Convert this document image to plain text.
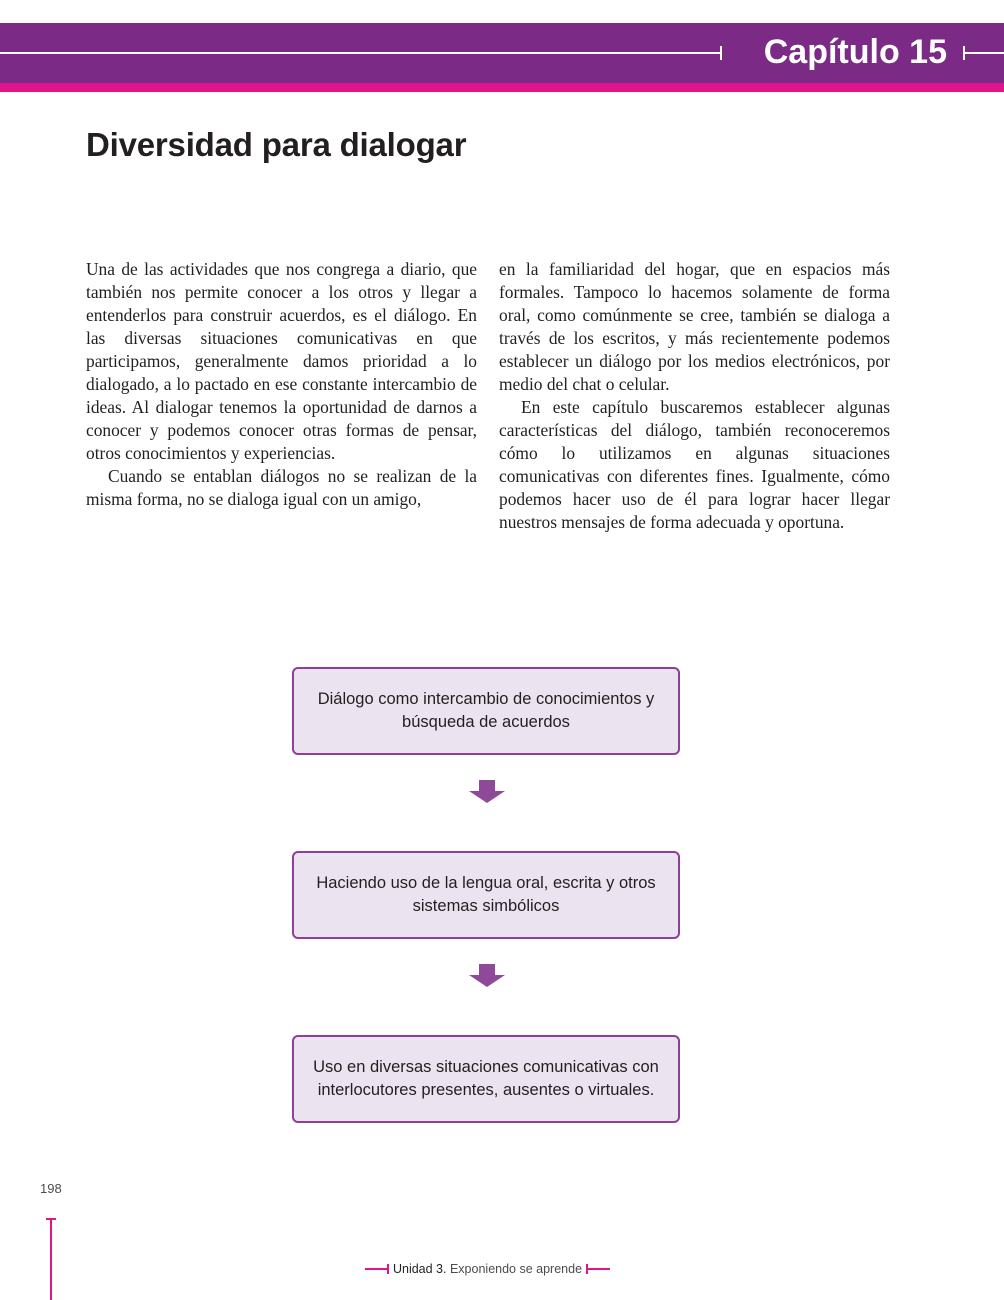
Capítulo 15
Diversidad para dialogar

Una de las actividades que nos congrega a diario, que también nos permite conocer a los otros y llegar a entenderlos para construir acuerdos, es el diálogo. En las diversas situaciones comunicativas en que participamos, generalmente damos prioridad a lo dialogado, a lo pactado en ese constante intercambio de ideas. Al dialogar tenemos la oportunidad de darnos a conocer y podemos conocer otras formas de pensar, otros conocimientos y experiencias.

Cuando se entablan diálogos no se realizan de la misma forma, no se dialoga igual con un amigo,

en la familiaridad del hogar, que en espacios más formales. Tampoco lo hacemos solamente de forma oral, como comúnmente se cree, también se dialoga a través de los escritos, y más recientemente podemos establecer un diálogo por los medios electrónicos, por medio del chat o celular.

En este capítulo buscaremos establecer algunas características del diálogo, también reconoceremos cómo lo utilizamos en algunas situaciones comunicativas con diferentes fines. Igualmente, cómo podemos hacer uso de él para lograr hacer llegar nuestros mensajes de forma adecuada y oportuna.

Diálogo como intercambio de conocimientos y búsqueda de acuerdos
Haciendo uso de la lengua oral, escrita y otros sistemas simbólicos
Uso en diversas situaciones comunicativas con interlocutores presentes, ausentes o virtuales.
198
Unidad 3. Exponiendo se aprende
